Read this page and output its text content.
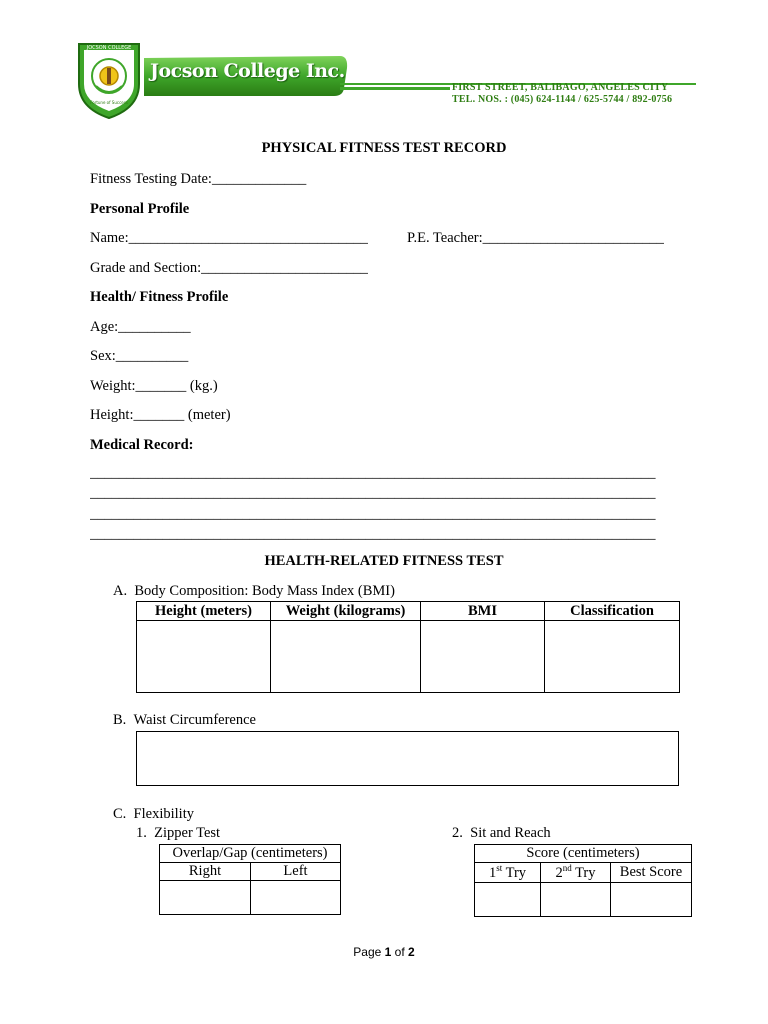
JOCSON COLLEGE
Fortune of Success
Jocson College Inc.
FIRST STREET, BALIBAGO, ANGELES CITY
TEL. NOS. : (045) 624-1144 / 625-5744 / 892-0756
PHYSICAL FITNESS TEST RECORD
Fitness Testing Date:_____________
Personal Profile
Name:_________________________________	P.E. Teacher:_________________________
Grade and Section:_______________________
Health/ Fitness Profile
Age:__________
Sex:__________
Weight:_______ (kg.)
Height:_______ (meter)
Medical Record:
______________________________________________________________________________
______________________________________________________________________________
______________________________________________________________________________
______________________________________________________________________________
HEALTH-RELATED FITNESS TEST
A.  Body Composition: Body Mass Index (BMI)
Height (meters)	Weight (kilograms)	BMI	Classification

B.  Waist Circumference
C.  Flexibility
1.  Zipper Test	2.  Sit and Reach
Overlap/Gap (centimeters)	
Right	Left

Score (centimeters)		
1st Try	2nd Try	Best Score

Page 1 of 2
